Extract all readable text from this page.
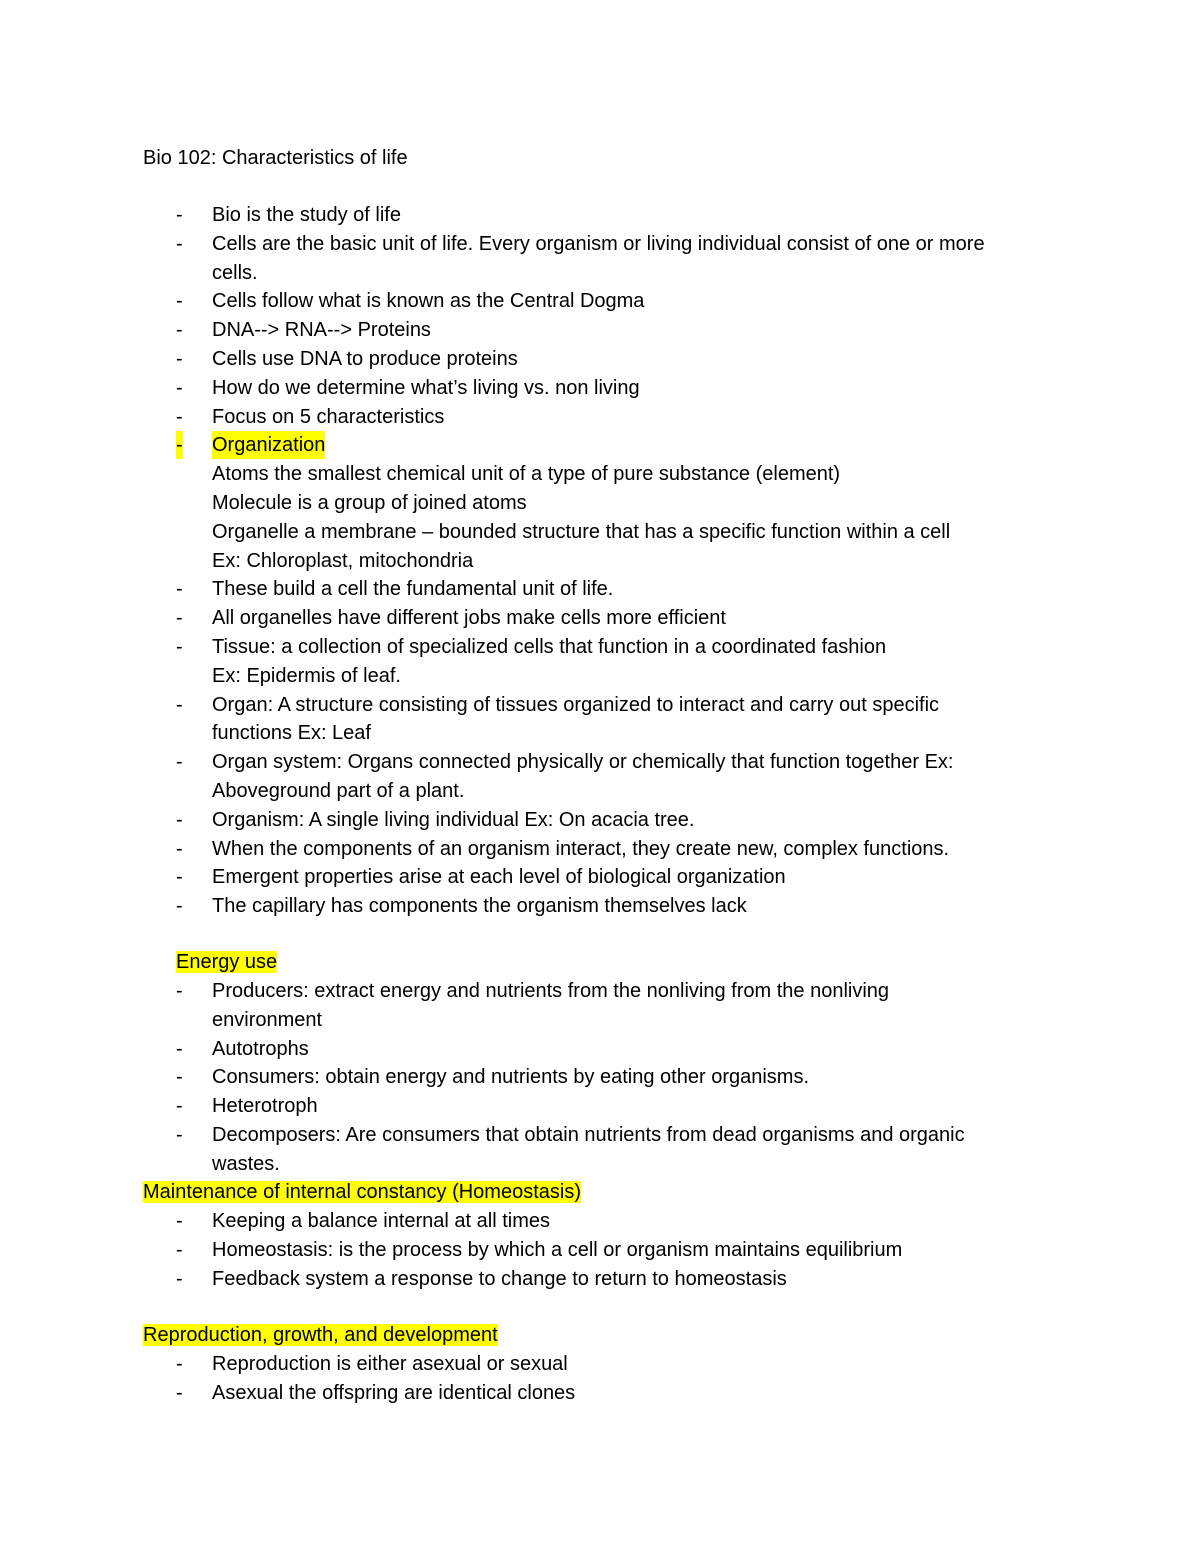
Bio 102: Characteristics of life
- Bio is the study of life
- Cells are the basic unit of life. Every organism or living individual consist of one or more
cells.
- Cells follow what is known as the Central Dogma
- DNA--> RNA--> Proteins
- Cells use DNA to produce proteins
- How do we determine what’s living vs. non living
- Focus on 5 characteristics
- Organization
Atoms the smallest chemical unit of a type of pure substance (element)
Molecule is a group of joined atoms
Organelle a membrane – bounded structure that has a specific function within a cell
Ex: Chloroplast, mitochondria
- These build a cell the fundamental unit of life.
- All organelles have different jobs make cells more efficient
- Tissue: a collection of specialized cells that function in a coordinated fashion
Ex: Epidermis of leaf.
- Organ: A structure consisting of tissues organized to interact and carry out specific
functions Ex: Leaf
- Organ system: Organs connected physically or chemically that function together Ex:
Aboveground part of a plant.
- Organism: A single living individual Ex: On acacia tree.
- When the components of an organism interact, they create new, complex functions.
- Emergent properties arise at each level of biological organization
- The capillary has components the organism themselves lack
Energy use
- Producers: extract energy and nutrients from the nonliving from the nonliving
environment
- Autotrophs
- Consumers: obtain energy and nutrients by eating other organisms.
- Heterotroph
- Decomposers: Are consumers that obtain nutrients from dead organisms and organic
wastes.
Maintenance of internal constancy (Homeostasis)
- Keeping a balance internal at all times
- Homeostasis: is the process by which a cell or organism maintains equilibrium
- Feedback system a response to change to return to homeostasis
Reproduction, growth, and development
- Reproduction is either asexual or sexual
- Asexual the offspring are identical clones
